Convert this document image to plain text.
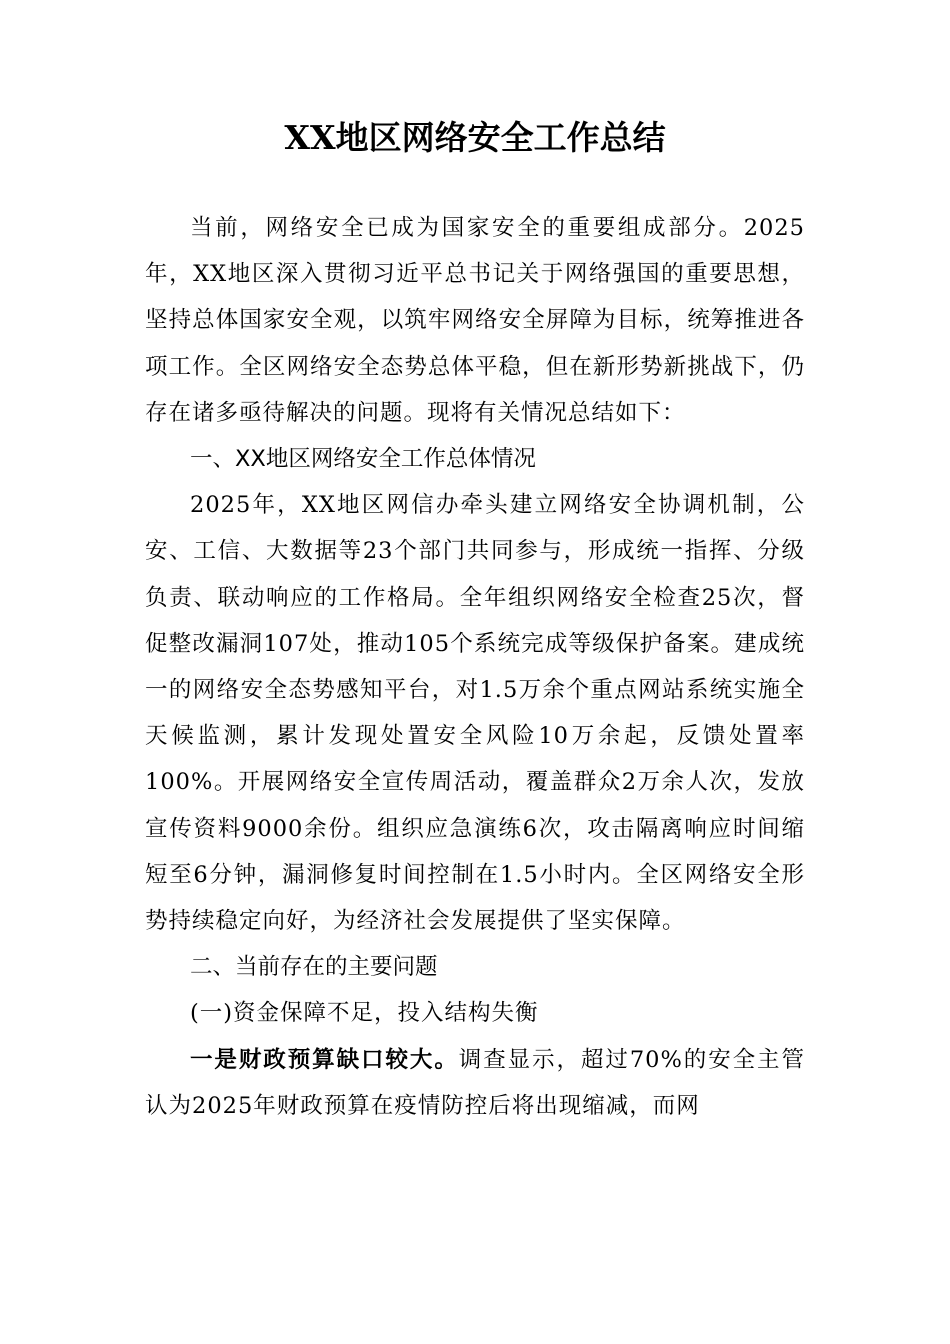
XX地区网络安全工作总结

当前，网络安全已成为国家安全的重要组成部分。2025年，XX地区深入贯彻习近平总书记关于网络强国的重要思想，坚持总体国家安全观，以筑牢网络安全屏障为目标，统筹推进各项工作。全区网络安全态势总体平稳，但在新形势新挑战下，仍存在诸多亟待解决的问题。现将有关情况总结如下：

一、XX地区网络安全工作总体情况

2025年，XX地区网信办牵头建立网络安全协调机制，公安、工信、大数据等23个部门共同参与，形成统一指挥、分级负责、联动响应的工作格局。全年组织网络安全检查25次，督促整改漏洞107处，推动105个系统完成等级保护备案。建成统一的网络安全态势感知平台，对1.5万余个重点网站系统实施全天候监测，累计发现处置安全风险10万余起，反馈处置率100%。开展网络安全宣传周活动，覆盖群众2万余人次，发放宣传资料9000余份。组织应急演练6次，攻击隔离响应时间缩短至6分钟，漏洞修复时间控制在1.5小时内。全区网络安全形势持续稳定向好，为经济社会发展提供了坚实保障。

二、当前存在的主要问题
(一)资金保障不足，投入结构失衡

一是财政预算缺口较大。调查显示，超过70%的安全主管认为2025年财政预算在疫情防控后将出现缩减，而网
